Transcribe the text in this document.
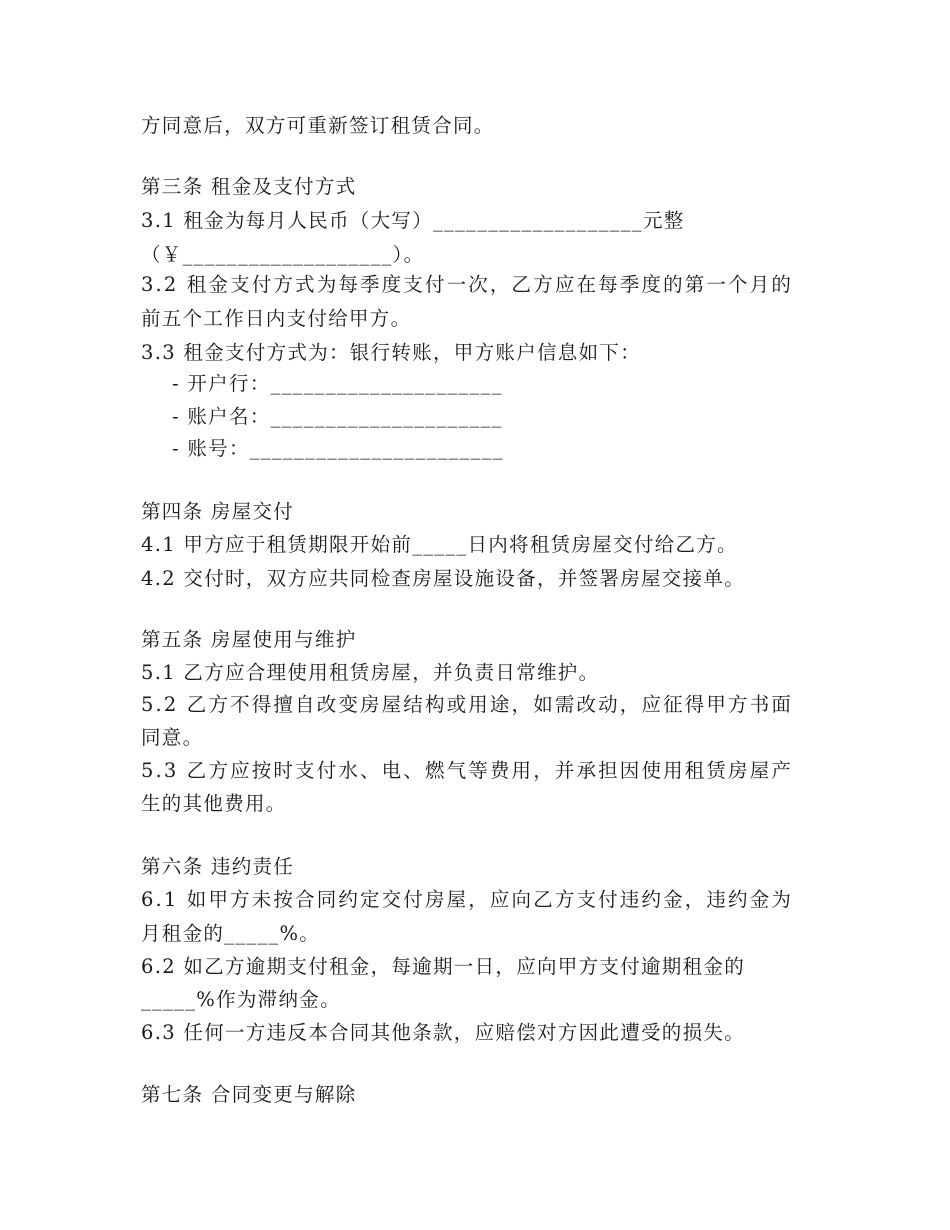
方同意后，双方可重新签订租赁合同。
第三条 租金及支付方式
3.1 租金为每月人民币（大写）___________________元整
（￥___________________）。
3.2 租金支付方式为每季度支付一次，乙方应在每季度的第一个月的
前五个工作日内支付给甲方。
3.3 租金支付方式为：银行转账，甲方账户信息如下：
- 开户行：_____________________
- 账户名：_____________________
- 账号：_______________________
第四条 房屋交付
4.1 甲方应于租赁期限开始前_____日内将租赁房屋交付给乙方。
4.2 交付时，双方应共同检查房屋设施设备，并签署房屋交接单。
第五条 房屋使用与维护
5.1 乙方应合理使用租赁房屋，并负责日常维护。
5.2 乙方不得擅自改变房屋结构或用途，如需改动，应征得甲方书面
同意。
5.3 乙方应按时支付水、电、燃气等费用，并承担因使用租赁房屋产
生的其他费用。
第六条 违约责任
6.1 如甲方未按合同约定交付房屋，应向乙方支付违约金，违约金为
月租金的_____%。
6.2 如乙方逾期支付租金，每逾期一日，应向甲方支付逾期租金的
_____%作为滞纳金。
6.3 任何一方违反本合同其他条款，应赔偿对方因此遭受的损失。
第七条 合同变更与解除
